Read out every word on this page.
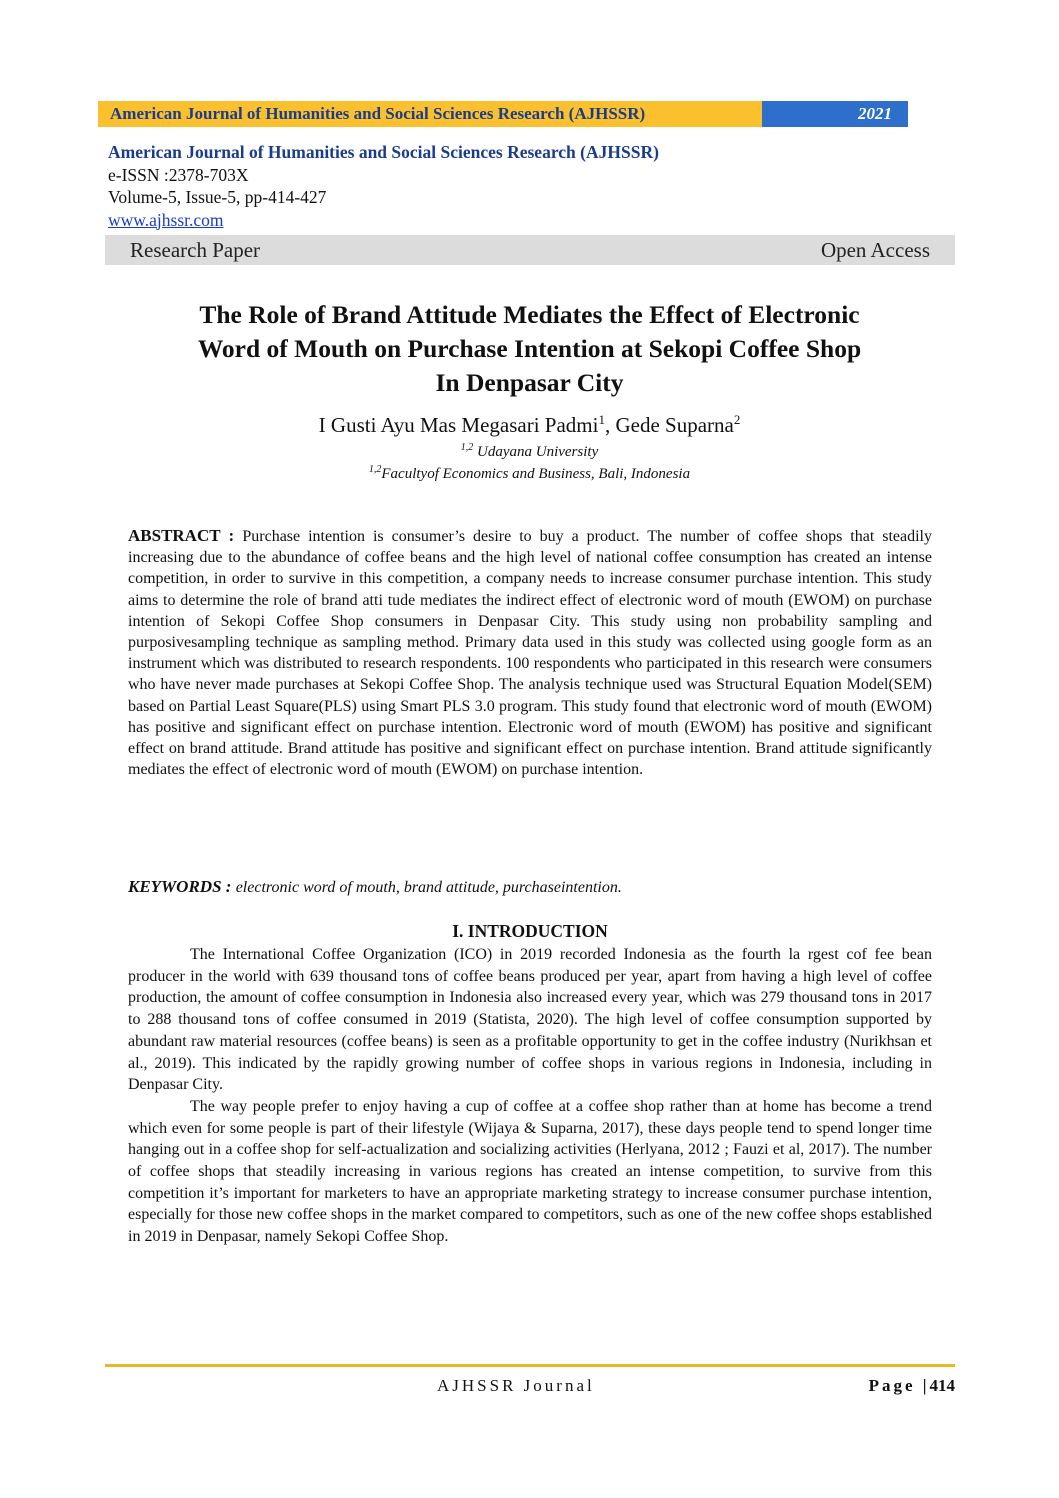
American Journal of Humanities and Social Sciences Research (AJHSSR)	2021
American Journal of Humanities and Social Sciences Research (AJHSSR)
e-ISSN :2378-703X
Volume-5, Issue-5, pp-414-427
www.ajhssr.com
Research Paper	Open Access
The Role of Brand Attitude Mediates the Effect of Electronic
Word of Mouth on Purchase Intention at Sekopi Coffee Shop
In Denpasar City
I Gusti Ayu Mas Megasari Padmi$^1$, Gede Suparna$^2$
$^{1,2}$ Udayana University
$^{1,2}$Facultyof Economics and Business, Bali, Indonesia
ABSTRACT : Purchase intention is consumer’s desire to buy a product. The number of coffee shops that steadily increasing due to the abundance of coffee beans and the high level of national coffee consumption has created an intense competition, in order to survive in this competition, a company needs to increase consumer purchase intention. This study aims to determine the role of brand atti tude mediates the indirect effect of electronic word of mouth (EWOM) on purchase intention of Sekopi Coffee Shop consumers in Denpasar City. This study using non probability sampling and purposivesampling technique as sampling method. Primary data used in this study was collected using google form as an instrument which was distributed to research respondents. 100 respondents who participated in this research were consumers who have never made purchases at Sekopi Coffee Shop. The analysis technique used was Structural Equation Model(SEM) based on Partial Least Square(PLS) using Smart PLS 3.0 program. This study found that electronic word of mouth (EWOM) has positive and significant effect on purchase intention. Electronic word of mouth (EWOM) has positive and significant effect on brand attitude. Brand attitude has positive and significant effect on purchase intention. Brand attitude significantly mediates the effect of electronic word of mouth (EWOM) on purchase intention.
KEYWORDS : electronic word of mouth, brand attitude, purchaseintention.
I. INTRODUCTION

The International Coffee Organization (ICO) in 2019 recorded Indonesia as the fourth la rgest cof fee bean producer in the world with 639 thousand tons of coffee beans produced per year, apart from having a high level of coffee production, the amount of coffee consumption in Indonesia also increased every year, which was 279 thousand tons in 2017 to 288 thousand tons of coffee consumed in 2019 (Statista, 2020). The high level of coffee consumption supported by abundant raw material resources (coffee beans) is seen as a profitable opportunity to get in the coffee industry (Nurikhsan et al., 2019). This indicated by the rapidly growing number of coffee shops in various regions in Indonesia, including in Denpasar City.

The way people prefer to enjoy having a cup of coffee at a coffee shop rather than at home has become a trend which even for some people is part of their lifestyle (Wijaya & Suparna, 2017), these days people tend to spend longer time hanging out in a coffee shop for self-actualization and socializing activities (Herlyana, 2012 ; Fauzi et al, 2017). The number of coffee shops that steadily increasing in various regions has created an intense competition, to survive from this competition it’s important for marketers to have an appropriate marketing strategy to increase consumer purchase intention, especially for those new coffee shops in the market compared to competitors, such as one of the new coffee shops established in 2019 in Denpasar, namely Sekopi Coffee Shop.

AJHSSR Journal	Page |414
